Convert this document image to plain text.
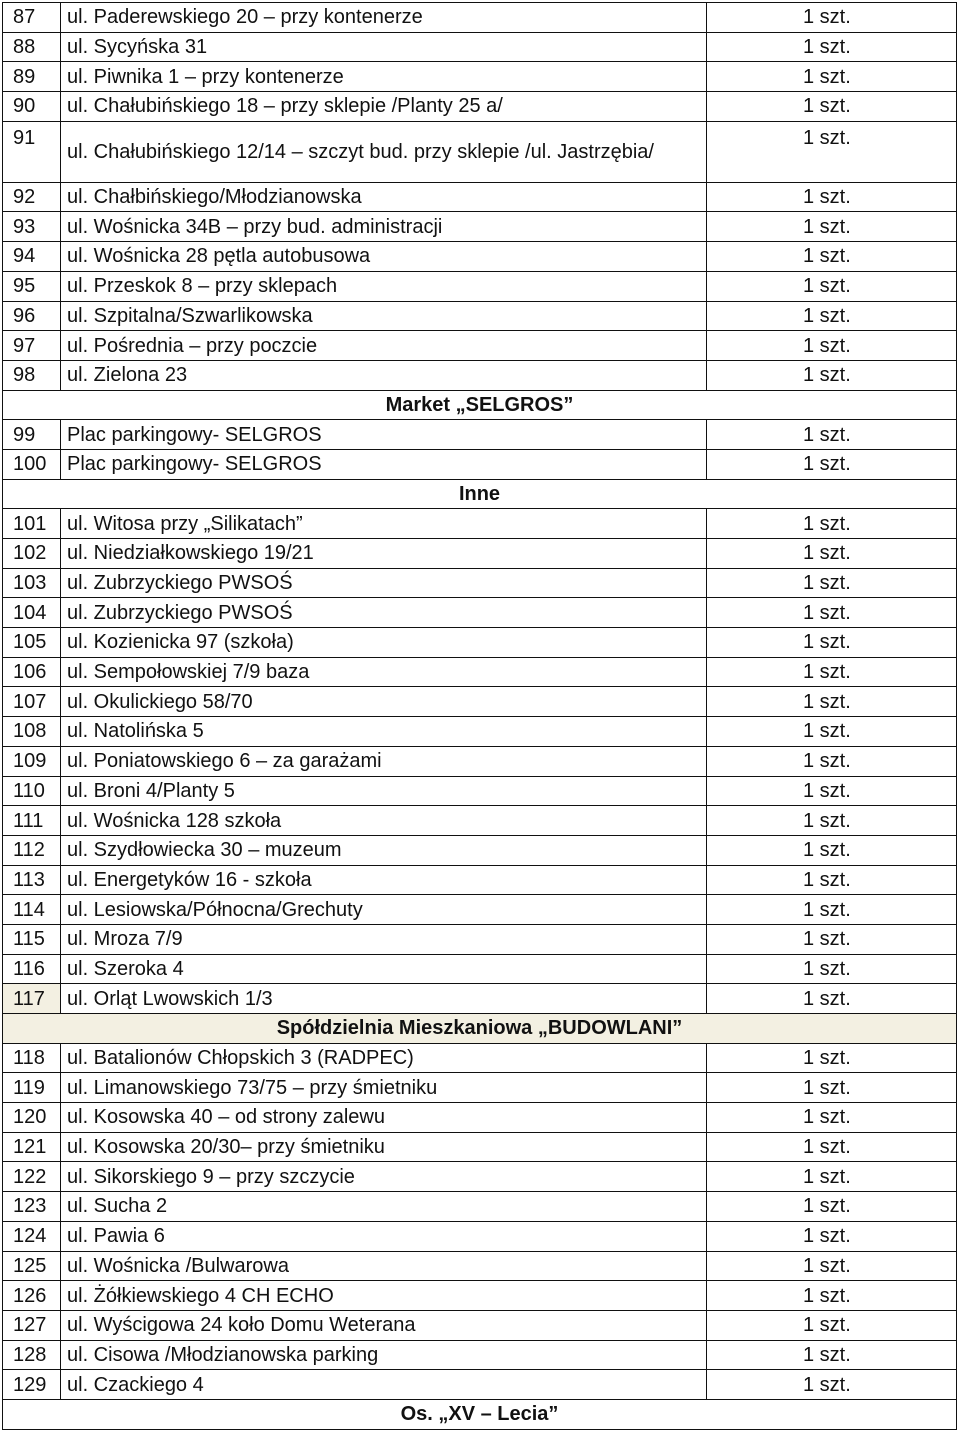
87	ul. Paderewskiego 20 – przy kontenerze	1 szt.
88	ul. Sycyńska 31	1 szt.
89	ul. Piwnika 1 – przy kontenerze	1 szt.
90	ul. Chałubińskiego 18 – przy sklepie /Planty 25 a/	1 szt.
91	ul. Chałubińskiego 12/14 – szczyt bud. przy sklepie /ul. Jastrzębia/	1 szt.
92	ul. Chałbińskiego/Młodzianowska	1 szt.
93	ul. Wośnicka 34B – przy bud. administracji	1 szt.
94	ul. Wośnicka 28 pętla autobusowa	1 szt.
95	ul. Przeskok 8 – przy sklepach	1 szt.
96	ul. Szpitalna/Szwarlikowska	1 szt.
97	ul. Pośrednia – przy poczcie	1 szt.
98	ul. Zielona 23	1 szt.
Market „SELGROS”		
99	Plac parkingowy- SELGROS	1 szt.
100	Plac parkingowy- SELGROS	1 szt.
Inne		
101	ul. Witosa przy „Silikatach”	1 szt.
102	ul. Niedziałkowskiego 19/21	1 szt.
103	ul. Zubrzyckiego PWSOŚ	1 szt.
104	ul. Zubrzyckiego PWSOŚ	1 szt.
105	ul. Kozienicka 97 (szkoła)	1 szt.
106	ul. Sempołowskiej 7/9 baza	1 szt.
107	ul. Okulickiego 58/70	1 szt.
108	ul. Natolińska 5	1 szt.
109	ul. Poniatowskiego 6 – za garażami	1 szt.
110	ul. Broni 4/Planty 5	1 szt.
111	ul. Wośnicka 128 szkoła	1 szt.
112	ul. Szydłowiecka 30 – muzeum	1 szt.
113	ul. Energetyków 16 - szkoła	1 szt.
114	ul. Lesiowska/Północna/Grechuty	1 szt.
115	ul. Mroza 7/9	1 szt.
116	ul. Szeroka 4	1 szt.
117	ul. Orląt Lwowskich 1/3	1 szt.
Spółdzielnia Mieszkaniowa „BUDOWLANI”		
118	ul. Batalionów Chłopskich 3 (RADPEC)	1 szt.
119	ul. Limanowskiego 73/75 – przy śmietniku	1 szt.
120	ul. Kosowska 40 – od strony zalewu	1 szt.
121	ul. Kosowska 20/30– przy śmietniku	1 szt.
122	ul. Sikorskiego 9 – przy szczycie	1 szt.
123	ul. Sucha 2	1 szt.
124	ul. Pawia 6	1 szt.
125	ul. Wośnicka /Bulwarowa	1 szt.
126	ul. Żółkiewskiego 4 CH ECHO	1 szt.
127	ul. Wyścigowa 24 koło Domu Weterana	1 szt.
128	ul. Cisowa /Młodzianowska parking	1 szt.
129	ul. Czackiego 4	1 szt.
Os. „XV – Lecia”		
